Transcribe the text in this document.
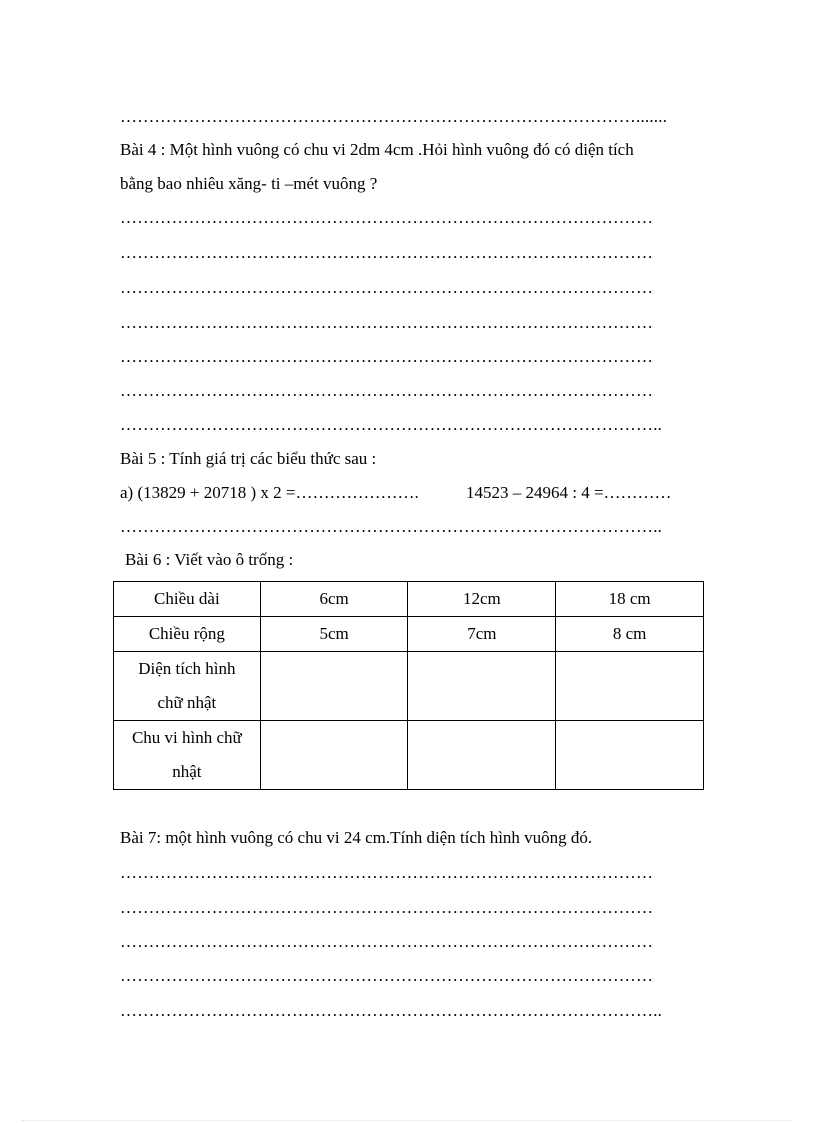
……………………………………………………………………………….......
Bài 4 : Một hình vuông có chu vi 2dm 4cm .Hỏi hình vuông đó có diện tích
bằng bao nhiêu xăng- ti –mét vuông ?
…………………………………………………………………………………
…………………………………………………………………………………
…………………………………………………………………………………
…………………………………………………………………………………
…………………………………………………………………………………
…………………………………………………………………………………
…………………………………………………………………………………..
Bài 5 : Tính giá trị các biểu thức sau :
a) (13829 + 20718 ) x 2 =………………….	14523 – 24964 : 4 =…………
…………………………………………………………………………………..
Bài 6 : Viết vào ô trống :
Chiều dài	6cm	12cm	18 cm
Chiều rộng	5cm	7cm	8 cm

Diện tích hình
chữ nhật			

Chu vi hình chữ
nhật			

Bài 7: một hình vuông có chu vi 24 cm.Tính diện tích hình vuông đó.
…………………………………………………………………………………
…………………………………………………………………………………
…………………………………………………………………………………
…………………………………………………………………………………
…………………………………………………………………………………..
